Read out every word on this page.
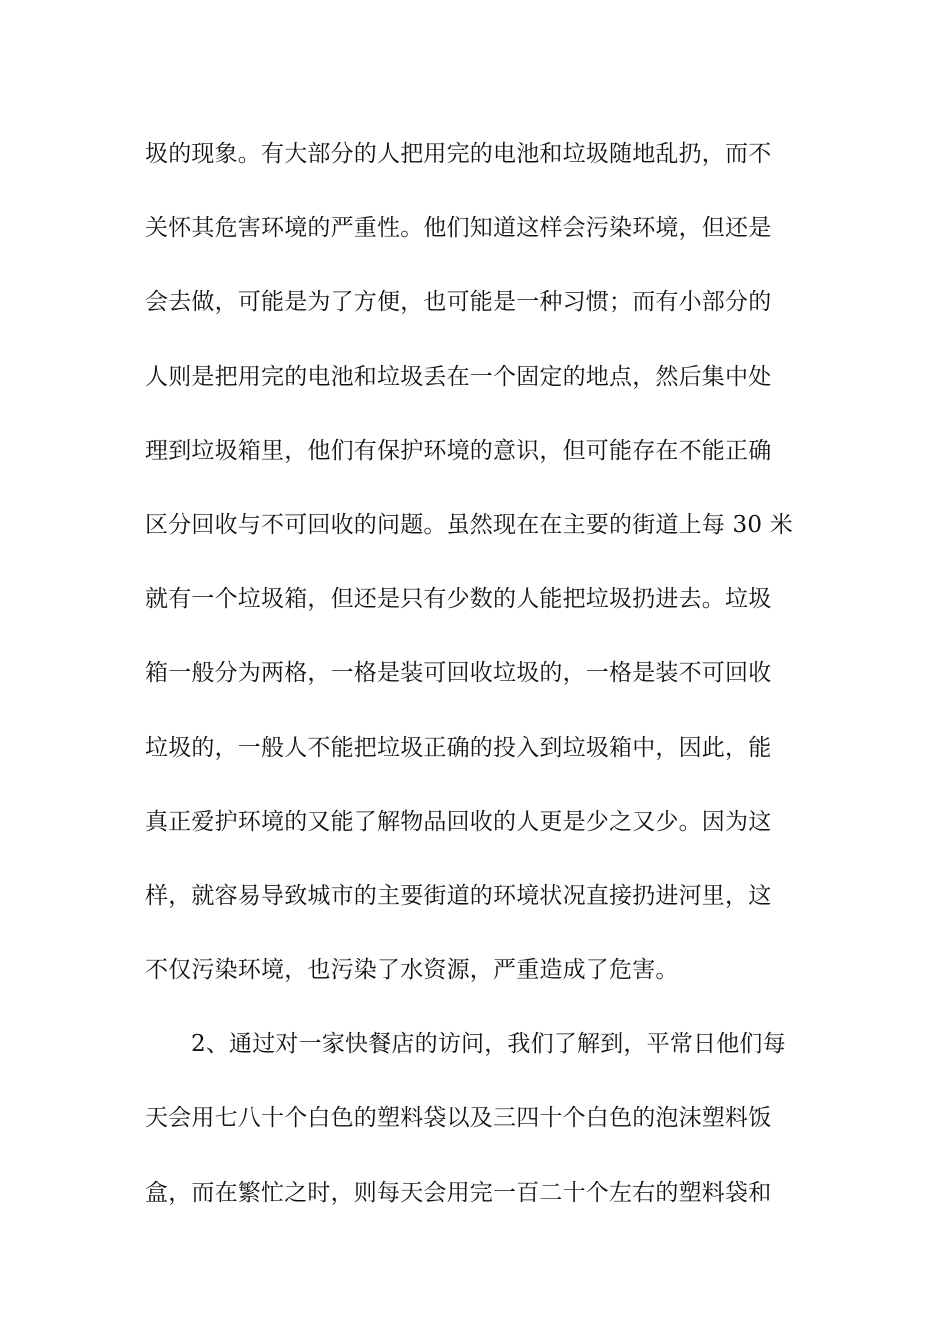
圾的现象。有大部分的人把用完的电池和垃圾随地乱扔，而不
关怀其危害环境的严重性。他们知道这样会污染环境，但还是
会去做，可能是为了方便，也可能是一种习惯；而有小部分的
人则是把用完的电池和垃圾丢在一个固定的地点，然后集中处
理到垃圾箱里，他们有保护环境的意识，但可能存在不能正确
区分回收与不可回收的问题。虽然现在在主要的街道上每 30 米
就有一个垃圾箱，但还是只有少数的人能把垃圾扔进去。垃圾
箱一般分为两格，一格是装可回收垃圾的，一格是装不可回收
垃圾的，一般人不能把垃圾正确的投入到垃圾箱中，因此，能
真正爱护环境的又能了解物品回收的人更是少之又少。因为这
样，就容易导致城市的主要街道的环境状况直接扔进河里，这
不仅污染环境，也污染了水资源，严重造成了危害。
2、通过对一家快餐店的访问，我们了解到，平常日他们每
天会用七八十个白色的塑料袋以及三四十个白色的泡沫塑料饭
盒，而在繁忙之时，则每天会用完一百二十个左右的塑料袋和
